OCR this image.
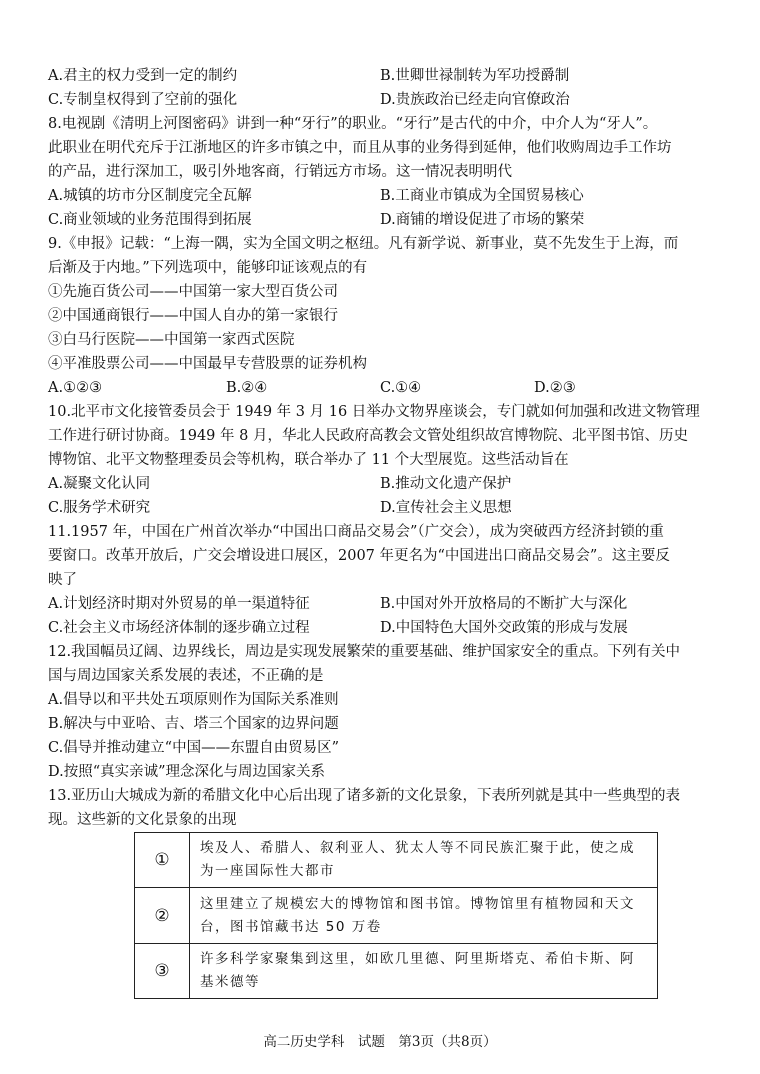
A.君主的权力受到一定的制约	B.世卿世禄制转为军功授爵制
C.专制皇权得到了空前的强化	D.贵族政治已经走向官僚政治
8.电视剧《清明上河图密码》讲到一种“牙行”的职业。“牙行”是古代的中介，中介人为“牙人”。
此职业在明代充斥于江浙地区的许多市镇之中，而且从事的业务得到延伸，他们收购周边手工作坊
的产品，进行深加工，吸引外地客商，行销远方市场。这一情况表明明代
A.城镇的坊市分区制度完全瓦解	B.工商业市镇成为全国贸易核心
C.商业领域的业务范围得到拓展	D.商铺的增设促进了市场的繁荣
9.《申报》记载：“上海一隅，实为全国文明之枢纽。凡有新学说、新事业，莫不先发生于上海，而
后渐及于内地。”下列选项中，能够印证该观点的有
①先施百货公司——中国第一家大型百货公司
②中国通商银行——中国人自办的第一家银行
③白马行医院——中国第一家西式医院
④平准股票公司——中国最早专营股票的证券机构
A.①②③	B.②④	C.①④	D.②③
10.北平市文化接管委员会于 1949 年 3 月 16 日举办文物界座谈会，专门就如何加强和改进文物管理
工作进行研讨协商。1949 年 8 月，华北人民政府高教会文管处组织故宫博物院、北平图书馆、历史
博物馆、北平文物整理委员会等机构，联合举办了 11 个大型展览。这些活动旨在
A.凝聚文化认同	B.推动文化遗产保护
C.服务学术研究	D.宣传社会主义思想
11.1957 年，中国在广州首次举办“中国出口商品交易会”（广交会），成为突破西方经济封锁的重
要窗口。改革开放后，广交会增设进口展区，2007 年更名为“中国进出口商品交易会”。这主要反
映了
A.计划经济时期对外贸易的单一渠道特征	B.中国对外开放格局的不断扩大与深化
C.社会主义市场经济体制的逐步确立过程	D.中国特色大国外交政策的形成与发展
12.我国幅员辽阔、边界线长，周边是实现发展繁荣的重要基础、维护国家安全的重点。下列有关中
国与周边国家关系发展的表述，不正确的是
A.倡导以和平共处五项原则作为国际关系准则
B.解决与中亚哈、吉、塔三个国家的边界问题
C.倡导并推动建立“中国——东盟自由贸易区”
D.按照“真实亲诚”理念深化与周边国家关系
13.亚历山大城成为新的希腊文化中心后出现了诸多新的文化景象，下表所列就是其中一些典型的表
现。这些新的文化景象的出现
①	埃及人、希腊人、叙利亚人、犹太人等不同民族汇聚于此，使之成为一座国际性大都市
②	这里建立了规模宏大的博物馆和图书馆。博物馆里有植物园和天文台，图书馆藏书达 50 万卷
③	许多科学家聚集到这里，如欧几里德、阿里斯塔克、希伯卡斯、阿基米德等
高二历史学科　试题　第3页（共8页）
